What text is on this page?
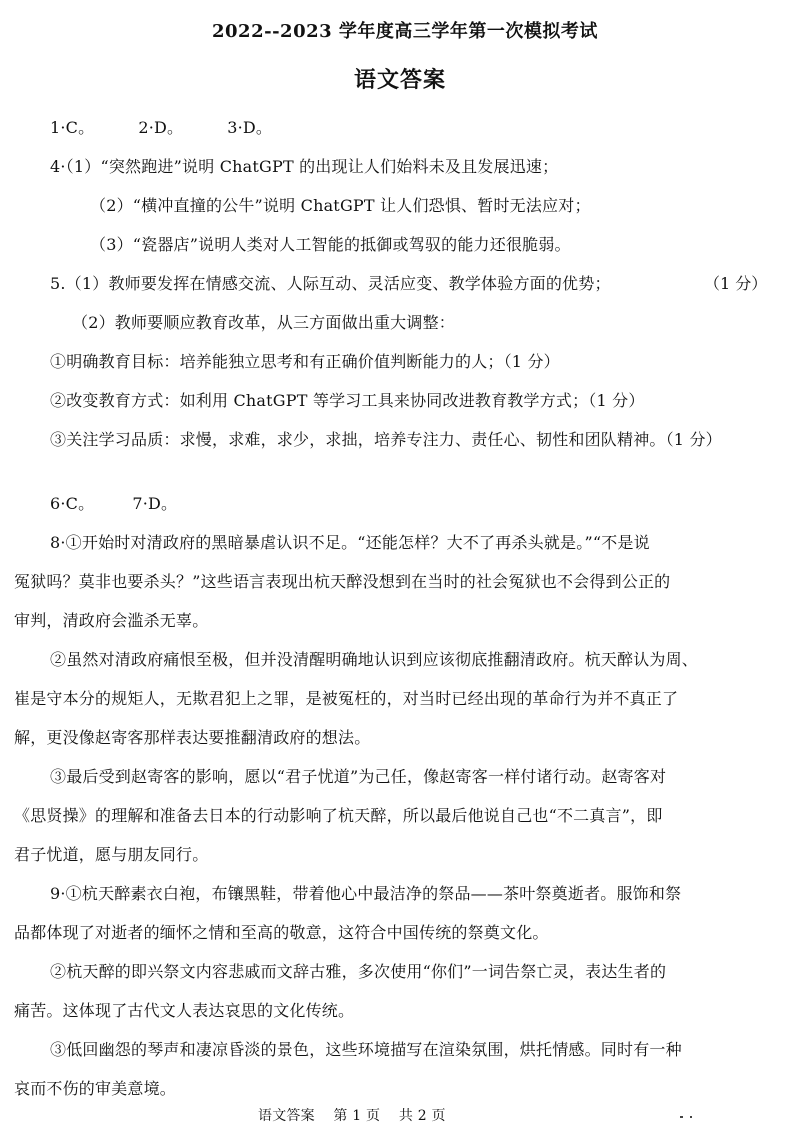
2022--2023 学年度高三学年第一次模拟考试
语文答案
1·C。	2·D。	3·D。
4·（1）“突然跑进”说明 ChatGPT 的出现让人们始料未及且发展迅速；
（2）“横冲直撞的公牛”说明 ChatGPT 让人们恐惧、暂时无法应对；
（3）“瓷器店”说明人类对人工智能的抵御或驾驭的能力还很脆弱。
5.（1）教师要发挥在情感交流、人际互动、灵活应变、教学体验方面的优势；	（1 分）
（2）教师要顺应教育改革，从三方面做出重大调整：
①明确教育目标：培养能独立思考和有正确价值判断能力的人；（1 分）
②改变教育方式：如利用 ChatGPT 等学习工具来协同改进教育教学方式；（1 分）
③关注学习品质：求慢，求难，求少，求拙，培养专注力、责任心、韧性和团队精神。（1 分）
6·C。 7·D。
8·①开始时对清政府的黑暗暴虐认识不足。“还能怎样？大不了再杀头就是。”“不是说
冤狱吗？莫非也要杀头？”这些语言表现出杭天醉没想到在当时的社会冤狱也不会得到公正的
审判，清政府会滥杀无辜。
②虽然对清政府痛恨至极，但并没清醒明确地认识到应该彻底推翻清政府。杭天醉认为周、
崔是守本分的规矩人，无欺君犯上之罪，是被冤枉的，对当时已经出现的革命行为并不真正了
解，更没像赵寄客那样表达要推翻清政府的想法。
③最后受到赵寄客的影响，愿以“君子忧道”为己任，像赵寄客一样付诸行动。赵寄客对
《思贤操》的理解和准备去日本的行动影响了杭天醉，所以最后他说自己也“不二真言”，即
君子忧道，愿与朋友同行。
9·①杭天醉素衣白袍，布镶黑鞋，带着他心中最洁净的祭品——茶叶祭奠逝者。服饰和祭
品都体现了对逝者的缅怀之情和至高的敬意，这符合中国传统的祭奠文化。
②杭天醉的即兴祭文内容悲戚而文辞古雅，多次使用“你们”一词告祭亡灵，表达生者的
痛苦。这体现了古代文人表达哀思的文化传统。
③低回幽怨的琴声和凄凉昏淡的景色，这些环境描写在渲染氛围，烘托情感。同时有一种
哀而不伤的审美意境。
语文答案 第 1 页 共 2 页
